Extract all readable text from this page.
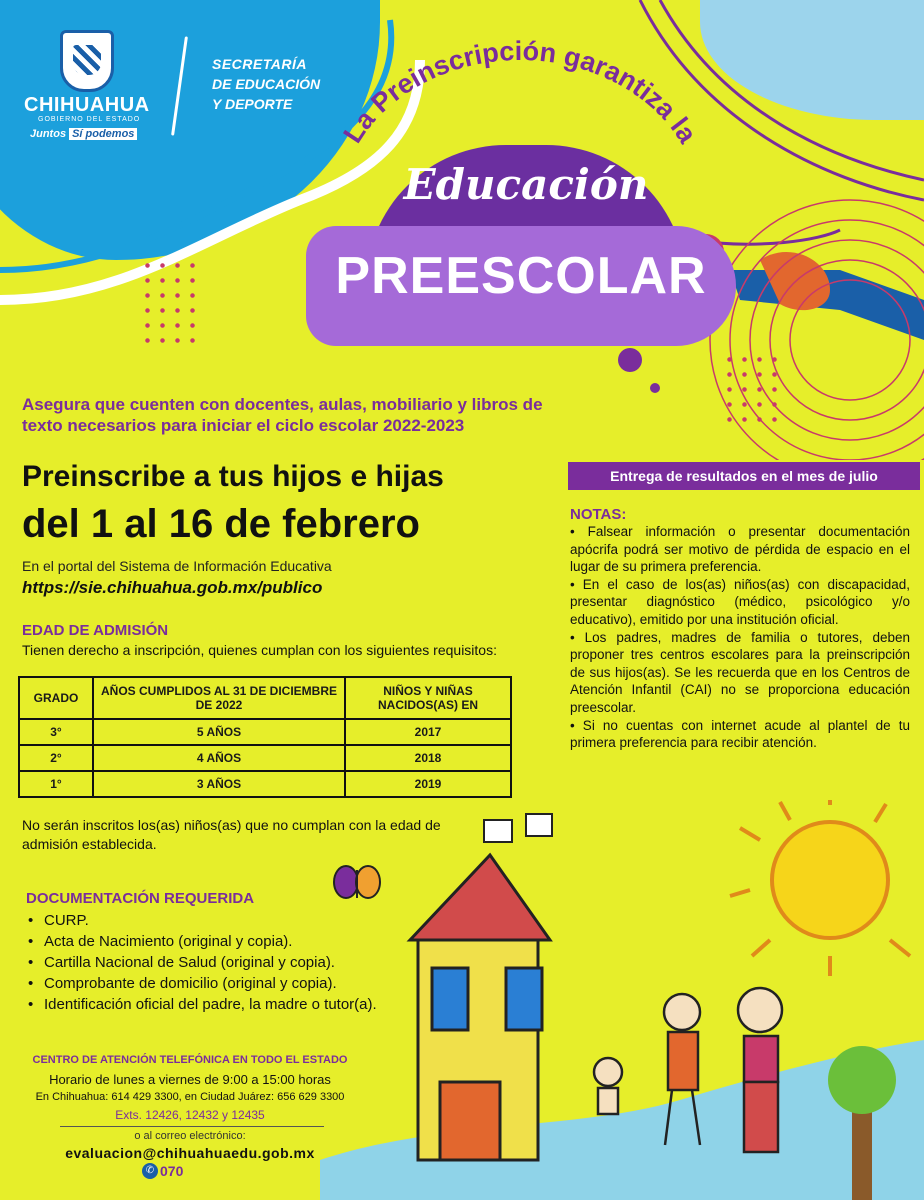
CHIHUAHUA
GOBIERNO DEL ESTADO
Juntos Sí podemos
SECRETARÍA
DE EDUCACIÓN
Y DEPORTE
La Preinscripción garantiza la
Educación
PREESCOLAR
Asegura que cuenten con docentes, aulas, mobiliario y libros de texto necesarios para iniciar el ciclo escolar 2022-2023
Preinscribe a tus hijos e hijas
del 1 al 16 de febrero
En el portal del Sistema de Información Educativa
https://sie.chihuahua.gob.mx/publico
EDAD DE ADMISIÓN
Tienen derecho a inscripción, quienes cumplan con los siguientes requisitos:
GRADO	AÑOS CUMPLIDOS AL 31 DE DICIEMBRE DE 2022	NIÑOS Y NIÑAS NACIDOS(AS) EN
3°	5 AÑOS	2017
2°	4 AÑOS	2018
1°	3 AÑOS	2019
No serán inscritos los(as) niños(as) que no cumplan con la edad de admisión establecida.
DOCUMENTACIÓN REQUERIDA
• CURP.
• Acta de Nacimiento (original y copia).
• Cartilla Nacional de Salud (original y copia).
• Comprobante de domicilio (original y copia).
• Identificación oficial del padre, la madre o tutor(a).
CENTRO DE ATENCIÓN TELEFÓNICA EN TODO EL ESTADO
Horario de lunes a viernes de 9:00 a 15:00 horas
En Chihuahua: 614 429 3300, en Ciudad Juárez: 656 629 3300
Exts. 12426, 12432 y 12435
o al correo electrónico:
evaluacion@chihuahuaedu.gob.mx
✆ 070
Entrega de resultados en el mes de julio
NOTAS:

• Falsear información o presentar documentación apócrifa podrá ser motivo de pérdida de espacio en el lugar de su primera preferencia.

• En el caso de los(as) niños(as) con discapacidad, presentar diagnóstico (médico, psicológico y/o educativo), emitido por una institución oficial.

• Los padres, madres de familia o tutores, deben proponer tres centros escolares para la preinscripción de sus hijos(as). Se les recuerda que en los Centros de Atención Infantil (CAI) no se proporciona educación preescolar.

• Si no cuentas con internet acude al plantel de tu primera preferencia para recibir atención.
